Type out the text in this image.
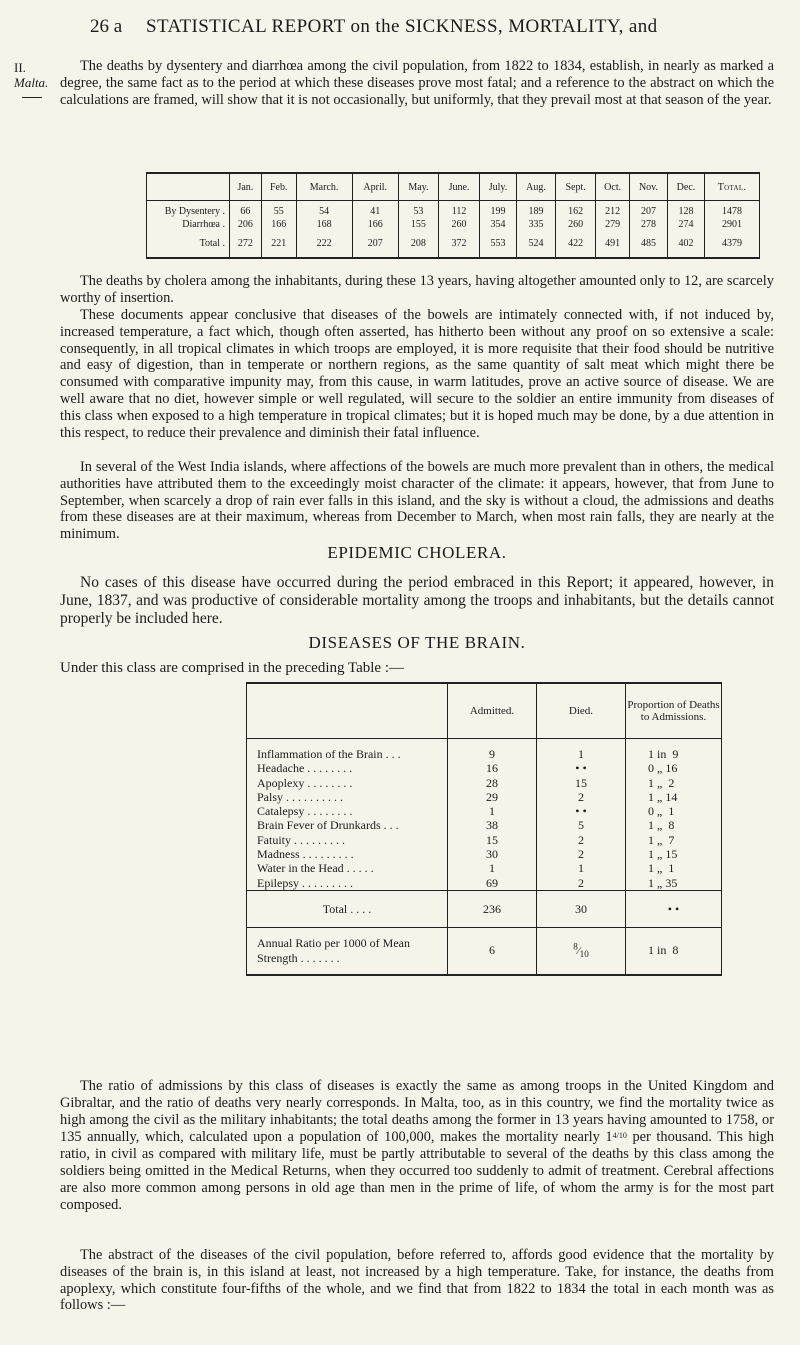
26 a STATISTICAL REPORT on the SICKNESS, MORTALITY, and
II.
Malta.

The deaths by dysentery and diarrhœa among the civil population, from 1822 to 1834, establish, in nearly as marked a degree, the same fact as to the period at which these diseases prove most fatal; and a reference to the abstract on which the calculations are framed, will show that it is not occasionally, but uniformly, that they prevail most at that season of the year.

	Jan.	Feb.	March.	April.	May.	June.	July.	Aug.	Sept.	Oct.	Nov.	Dec.	Total.

By Dysentery .	66	55	54	41	53	112	199	189	162	212	207	128	1478
Diarrhœa .	206	166	168	166	155	260	354	335	260	279	278	274	2901
Total .	272	221	222	207	208	372	553	524	422	491	485	402	4379

The deaths by cholera among the inhabitants, during these 13 years, having altogether amounted only to 12, are scarcely worthy of insertion.

These documents appear conclusive that diseases of the bowels are intimately connected with, if not induced by, increased temperature, a fact which, though often asserted, has hitherto been without any proof on so extensive a scale: consequently, in all tropical climates in which troops are employed, it is more requisite that their food should be nutritive and easy of digestion, than in temperate or northern regions, as the same quantity of salt meat which might there be consumed with comparative impunity may, from this cause, in warm latitudes, prove an active source of disease. We are well aware that no diet, however simple or well regulated, will secure to the soldier an entire immunity from diseases of this class when exposed to a high temperature in tropical climates; but it is hoped much may be done, by a due attention in this respect, to reduce their prevalence and diminish their fatal influence.

In several of the West India islands, where affections of the bowels are much more prevalent than in others, the medical authorities have attributed them to the exceedingly moist character of the climate: it appears, however, that from June to September, when scarcely a drop of rain ever falls in this island, and the sky is without a cloud, the admissions and deaths from these diseases are at their maximum, whereas from December to March, when most rain falls, they are nearly at the minimum.

EPIDEMIC CHOLERA.

No cases of this disease have occurred during the period embraced in this Report; it appeared, however, in June, 1837, and was productive of considerable mortality among the troops and inhabitants, but the details cannot properly be included here.

DISEASES OF THE BRAIN.

Under this class are comprised in the preceding Table :—

	Admitted.	Died.	Proportion of Deaths to Admissions.

Inflammation of the Brain . . .	9	1	1 in  9
Headache . . . . . . . .	16	• •	0 „ 16
Apoplexy . . . . . . . .	28	15	1 „  2
Palsy . . . . . . . . . .	29	2	1 „ 14
Catalepsy . . . . . . . .	1	• •	0 „  1
Brain Fever of Drunkards . . .	38	5	1 „  8
Fatuity . . . . . . . . .	15	2	1 „  7
Madness . . . . . . . . .	30	2	1 „ 15
Water in the Head . . . . .	1	1	1 „  1
Epilepsy . . . . . . . . .	69	2	1 „ 35
Total . . . .	236	30	• •
Annual Ratio per 1000 of Mean
Strength . . . . . . .	6	$^8⁄_{10}$	1 in  8

The ratio of admissions by this class of diseases is exactly the same as among troops in the United Kingdom and Gibraltar, and the ratio of deaths very nearly corresponds. In Malta, too, as in this country, we find the mortality twice as high among the civil as the military inhabitants; the total deaths among the former in 13 years having amounted to 1758, or 135 annually, which, calculated upon a population of 100,000, makes the mortality nearly $1^{4/10}$ per thousand. This high ratio, in civil as compared with military life, must be partly attributable to several of the deaths by this class among the soldiers being omitted in the Medical Returns, when they occurred too suddenly to admit of treatment. Cerebral affections are also more common among persons in old age than men in the prime of life, of whom the army is for the most part composed.

The abstract of the diseases of the civil population, before referred to, affords good evidence that the mortality by diseases of the brain is, in this island at least, not increased by a high temperature. Take, for instance, the deaths from apoplexy, which constitute four-fifths of the whole, and we find that from 1822 to 1834 the total in each month was as follows :—
